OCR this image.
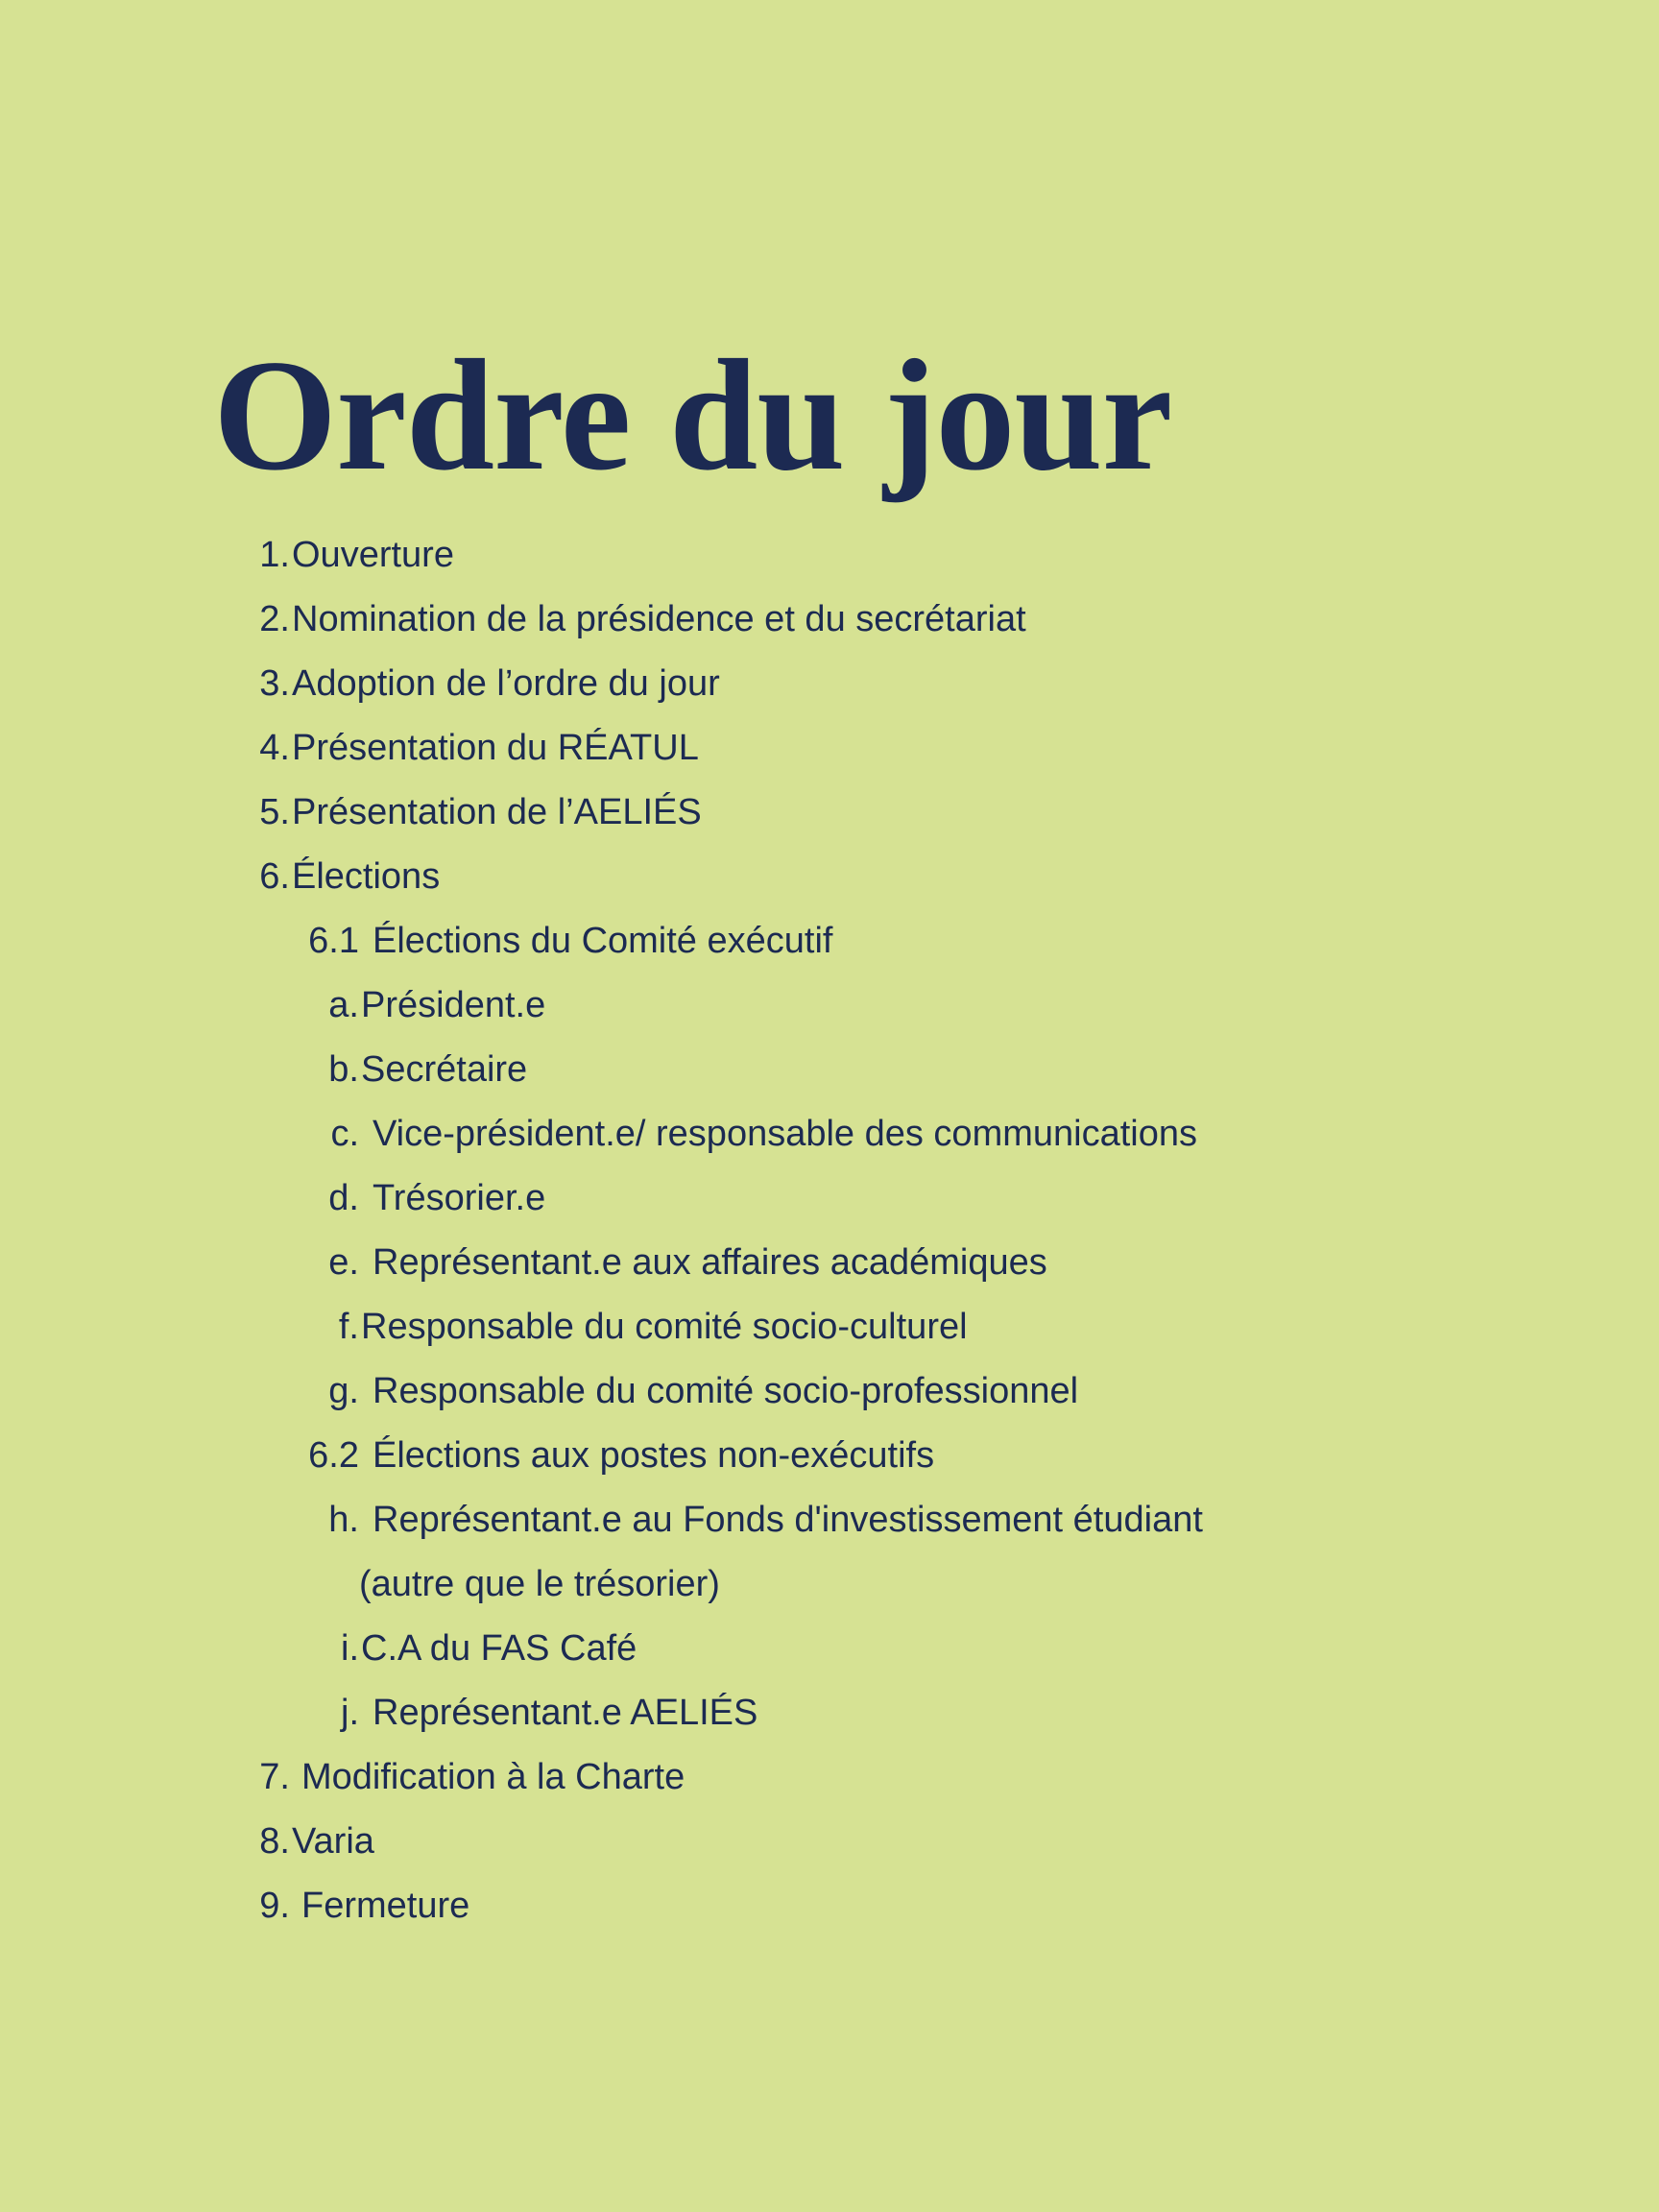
Ordre du jour
1. Ouverture
2. Nomination de la présidence et du secrétariat
3. Adoption de l’ordre du jour
4. Présentation du RÉATUL
5. Présentation de l’AELIÉS
6. Élections
6.1 Élections du Comité exécutif
a. Président.e
b. Secrétaire
c. Vice-président.e/ responsable des communications
d. Trésorier.e
e. Représentant.e aux affaires académiques
f. Responsable du comité socio-culturel
g. Responsable du comité socio-professionnel
6.2 Élections aux postes non-exécutifs
h. Représentant.e au Fonds d'investissement étudiant
(autre que le trésorier)
i. C.A du FAS Café
j. Représentant.e AELIÉS
7. Modification à la Charte
8. Varia
9. Fermeture
